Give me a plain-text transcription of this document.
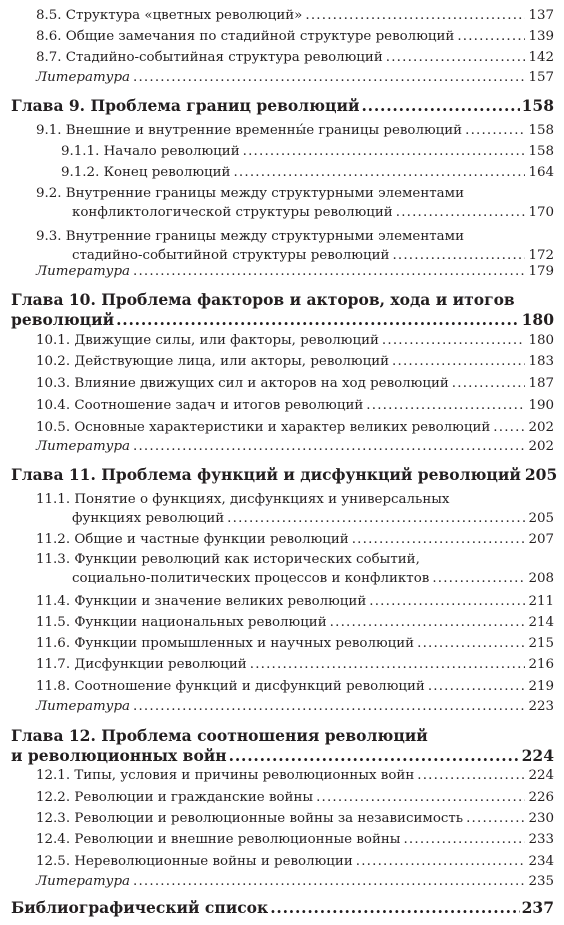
8.5. Структура «цветных революций» .....	137
8.6. Общие замечания по стадийной структуре революций .....	139
8.7. Стадийно-событийная структура революций .....	142
Литература .....	157
Глава 9. Проблема границ революций .....	158
9.1. Внешние и внутренние временны́е границы революций .....	158
9.1.1. Начало революций .....	158
9.1.2. Конец революций .....	164
9.2. Внутренние границы между структурными элементами
конфликтологической структуры революций .....	170
9.3. Внутренние границы между структурными элементами
стадийно-событийной структуры революций .....	172
Литература .....	179
Глава 10. Проблема факторов и акторов, хода и итогов
революций .....	180
10.1. Движущие силы, или факторы, революций .....	180
10.2. Действующие лица, или акторы, революций .....	183
10.3. Влияние движущих сил и акторов на ход революций .....	187
10.4. Соотношение задач и итогов революций .....	190
10.5. Основные характеристики и характер великих революций .....	202
Литература .....	202
Глава 11. Проблема функций и дисфункций революций 205
11.1. Понятие о функциях, дисфункциях и универсальных
функциях революций .....	205
11.2. Общие и частные функции революций .....	207
11.3. Функции революций как исторических событий,
социально-политических процессов и конфликтов .....	208
11.4. Функции и значение великих революций .....	211
11.5. Функции национальных революций .....	214
11.6. Функции промышленных и научных революций .....	215
11.7. Дисфункции революций .....	216
11.8. Соотношение функций и дисфункций революций .....	219
Литература .....	223
Глава 12. Проблема соотношения революций
и революционных войн .....	224
12.1. Типы, условия и причины революционных войн .....	224
12.2. Революции и гражданские войны .....	226
12.3. Революции и революционные войны за независимость .....	230
12.4. Революции и внешние революционные войны .....	233
12.5. Нереволюционные войны и революции .....	234
Литература .....	235
Библиографический список .....	237
